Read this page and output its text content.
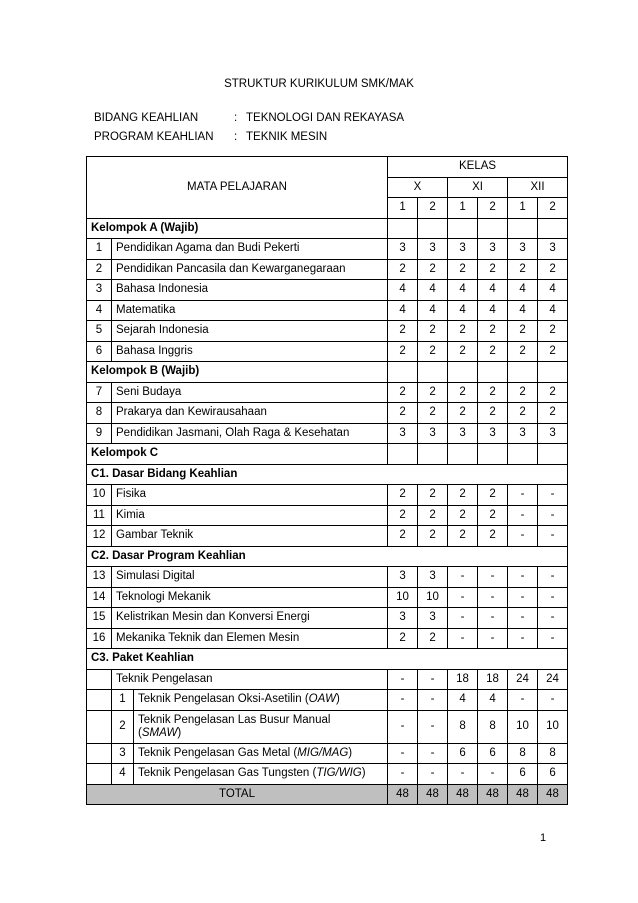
STRUKTUR KURIKULUM SMK/MAK
BIDANG KEAHLIAN	: TEKNOLOGI DAN REKAYASA
PROGRAM KEAHLIAN : TEKNIK MESIN
MATA PELAJARAN			KELAS					
			X		XI		XII	
			1	2	1	2	1	2
Kelompok A (Wajib)								
1	Pendidikan Agama dan Budi Pekerti		3	3	3	3	3	3
2	Pendidikan Pancasila dan Kewarganegaraan		2	2	2	2	2	2
3	Bahasa Indonesia		4	4	4	4	4	4
4	Matematika		4	4	4	4	4	4
5	Sejarah Indonesia		2	2	2	2	2	2
6	Bahasa Inggris		2	2	2	2	2	2
Kelompok B (Wajib)								
7	Seni Budaya		2	2	2	2	2	2
8	Prakarya dan Kewirausahaan		2	2	2	2	2	2
9	Pendidikan Jasmani, Olah Raga & Kesehatan		3	3	3	3	3	3
Kelompok C								
C1. Dasar Bidang Keahlian								
10	Fisika		2	2	2	2	-	-
11	Kimia		2	2	2	2	-	-
12	Gambar Teknik		2	2	2	2	-	-
C2. Dasar Program Keahlian								
13	Simulasi Digital		3	3	-	-	-	-
14	Teknologi Mekanik		10	10	-	-	-	-
15	Kelistrikan Mesin dan Konversi Energi		3	3	-	-	-	-
16	Mekanika Teknik dan Elemen Mesin		2	2	-	-	-	-
C3. Paket Keahlian								
	Teknik Pengelasan		-	-	18	18	24	24
	1	Teknik Pengelasan Oksi-Asetilin (OAW)	-	-	4	4	-	-
	2	Teknik Pengelasan Las Busur Manual
(SMAW)	-	-	8	8	10	10
	3	Teknik Pengelasan Gas Metal (MIG/MAG)	-	-	6	6	8	8
	4	Teknik Pengelasan Gas Tungsten (TIG/WIG)	-	-	-	-	6	6
TOTAL			48	48	48	48	48	48
1
